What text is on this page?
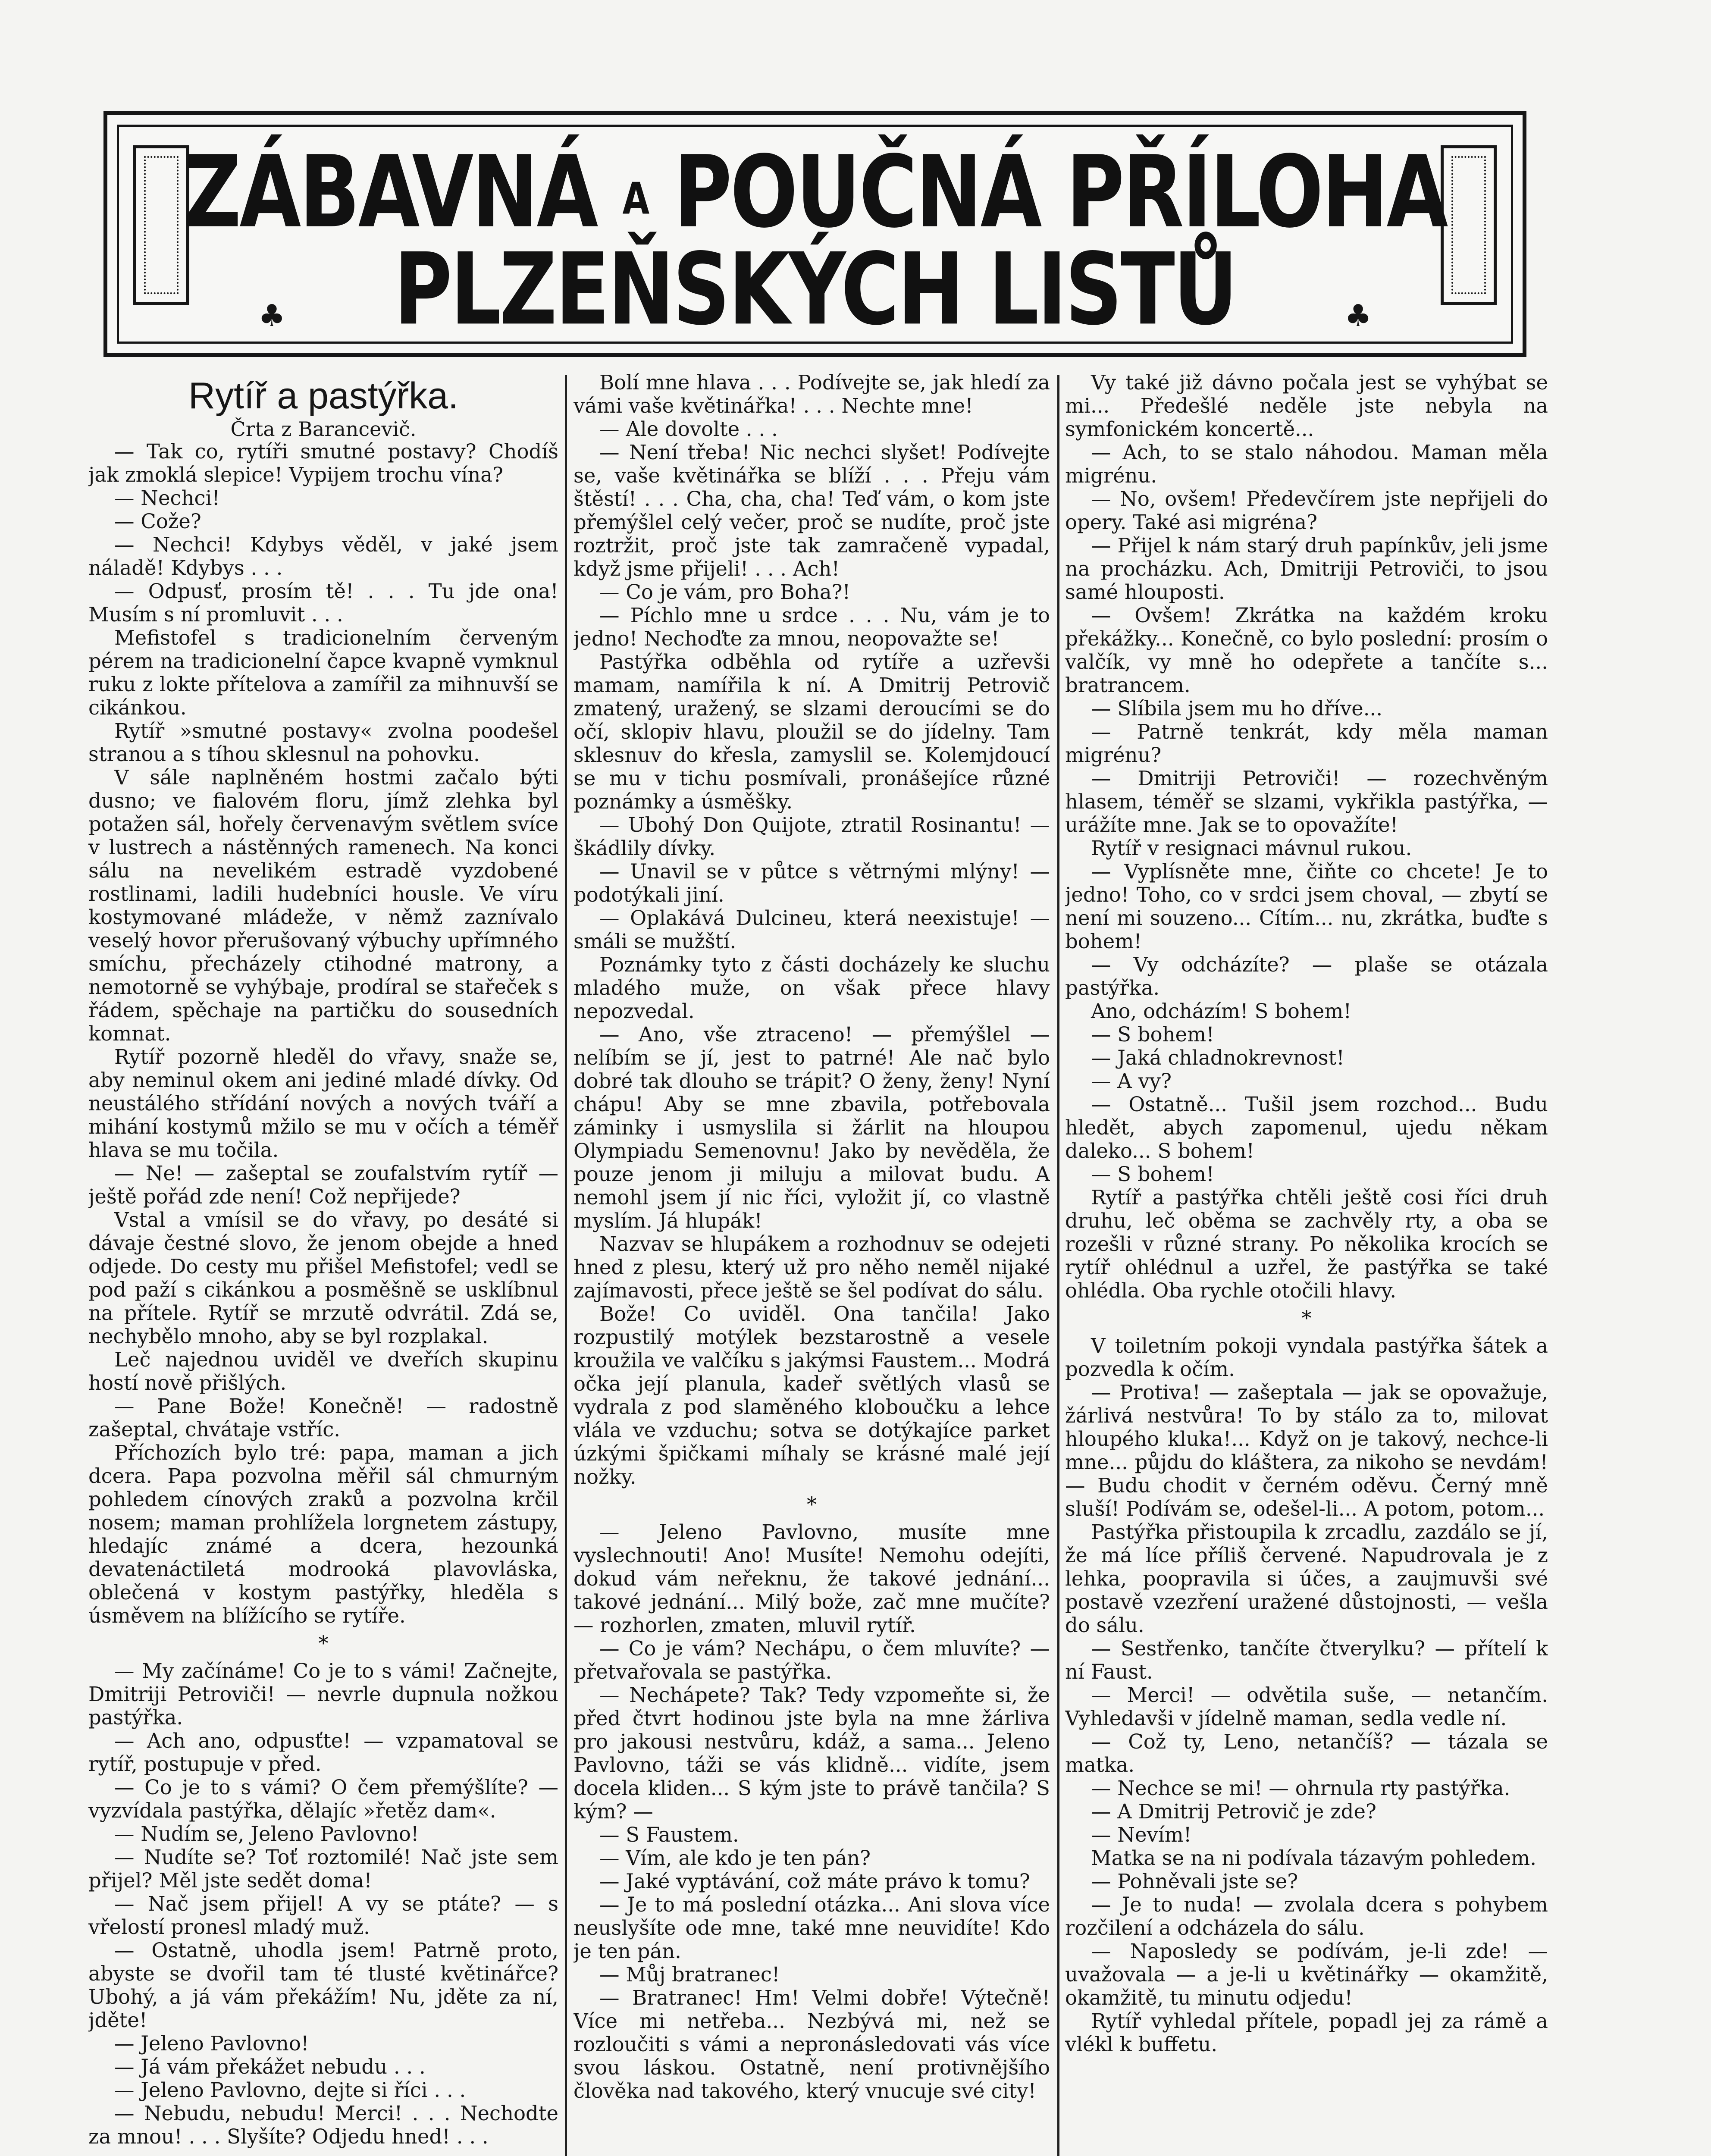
♣	♣
ZÁBAVNÁ A POUČNÁ PŘÍLOHA
PLZEŇSKÝCH LISTŮ
Rytíř a pastýřka.
Črta z Barancevič.

— Tak co, rytíři smutné postavy? Chodíš jak zmoklá slepice! Vypijem trochu vína?

— Nechci!

— Cože?

— Nechci! Kdybys věděl, v jaké jsem náladě! Kdybys . . .

— Odpusť, prosím tě! . . . Tu jde ona! Musím s ní promluvit . . .

Mefistofel s tradicionelním červeným pérem na tradicionelní čapce kvapně vymknul ruku z lokte přítelova a zamířil za mihnuvší se cikánkou.

Rytíř »smutné postavy« zvolna poodešel stranou a s tíhou sklesnul na pohovku.

V sále naplněném hostmi začalo býti dusno; ve fialovém floru, jímž zlehka byl potažen sál, hořely červenavým světlem svíce v lustrech a nástěnných ramenech. Na konci sálu na nevelikém estradě vyzdobené rostlinami, ladili hudebníci housle. Ve víru kostymované mládeže, v němž zaznívalo veselý hovor přerušovaný výbuchy upřímného smíchu, přecházely ctihodné matrony, a nemotorně se vyhýbaje, prodíral se stařeček s řádem, spěchaje na partičku do sousedních komnat.

Rytíř pozorně hleděl do vřavy, snaže se, aby neminul okem ani jediné mladé dívky. Od neustálého střídání nových a nových tváří a mihání kostymů mžilo se mu v očích a téměř hlava se mu točila.

— Ne! — zašeptal se zoufalstvím rytíř — ještě pořád zde není! Což nepřijede?

Vstal a vmísil se do vřavy, po desáté si dávaje čestné slovo, že jenom obejde a hned odjede. Do cesty mu přišel Mefistofel; vedl se pod paží s cikánkou a posměšně se usklíbnul na přítele. Rytíř se mrzutě odvrátil. Zdá se, nechybělo mnoho, aby se byl rozplakal.

Leč najednou uviděl ve dveřích skupinu hostí nově přišlých.

— Pane Bože! Konečně! — radostně zašeptal, chvátaje vstříc.

Příchozích bylo tré: papa, maman a jich dcera. Papa pozvolna měřil sál chmurným pohledem cínových zraků a pozvolna krčil nosem; maman prohlížela lorgnetem zástupy, hledajíc známé a dcera, hezounká devatenáctiletá modrooká plavovláska, oblečená v kostym pastýřky, hleděla s úsměvem na blížícího se rytíře.

*

— My začínáme! Co je to s vámi! Začnejte, Dmitriji Petroviči! — nevrle dupnula nožkou pastýřka.

— Ach ano, odpusťte! — vzpamatoval se rytíř, postupuje v před.

— Co je to s vámi? O čem přemýšlíte? — vyzvídala pastýřka, dělajíc »řetěz dam«.

— Nudím se, Jeleno Pavlovno!

— Nudíte se? Toť roztomilé! Nač jste sem přijel? Měl jste sedět doma!

— Nač jsem přijel! A vy se ptáte? — s vřelostí pronesl mladý muž.

— Ostatně, uhodla jsem! Patrně proto, abyste se dvořil tam té tlusté květinářce? Ubohý, a já vám překážím! Nu, jděte za ní, jděte!

— Jeleno Pavlovno!

— Já vám překážet nebudu . . .

— Jeleno Pavlovno, dejte si říci . . .

— Nebudu, nebudu! Merci! . . . Nechodte za mnou! . . . Slyšíte? Odjedu hned! . . .

Bolí mne hlava . . . Podívejte se, jak hledí za vámi vaše květinářka! . . . Nechte mne!

— Ale dovolte . . .

— Není třeba! Nic nechci slyšet! Podívejte se, vaše květinářka se blíží . . . Přeju vám štěstí! . . . Cha, cha, cha! Teď vám, o kom jste přemýšlel celý večer, proč se nudíte, proč jste roztržit, proč jste tak zamračeně vypadal, když jsme přijeli! . . . Ach!

— Co je vám, pro Boha?!

— Píchlo mne u srdce . . . Nu, vám je to jedno! Nechoďte za mnou, neopovažte se!

Pastýřka odběhla od rytíře a uzřevši mamam, namířila k ní. A Dmitrij Petrovič zmatený, uražený, se slzami deroucími se do očí, sklopiv hlavu, ploužil se do jídelny. Tam sklesnuv do křesla, zamyslil se. Kolemjdoucí se mu v tichu posmívali, pronášejíce různé poznámky a úsměšky.

— Ubohý Don Quijote, ztratil Rosinantu! — škádlily dívky.

— Unavil se v půtce s větrnými mlýny! — podotýkali jiní.

— Oplakává Dulcineu, která neexistuje! — smáli se mužští.

Poznámky tyto z části docházely ke sluchu mladého muže, on však přece hlavy nepozvedal.

— Ano, vše ztraceno! — přemýšlel — nelíbím se jí, jest to patrné! Ale nač bylo dobré tak dlouho se trápit? O ženy, ženy! Nyní chápu! Aby se mne zbavila, potřebovala záminky i usmyslila si žárlit na hloupou Olympiadu Semenovnu! Jako by nevěděla, že pouze jenom ji miluju a milovat budu. A nemohl jsem jí nic říci, vyložit jí, co vlastně myslím. Já hlupák!

Nazvav se hlupákem a rozhodnuv se odejeti hned z plesu, který už pro něho neměl nijaké zajímavosti, přece ještě se šel podívat do sálu.

Bože! Co uviděl. Ona tančila! Jako rozpustilý motýlek bezstarostně a vesele kroužila ve valčíku s jakýmsi Faustem... Modrá očka její planula, kadeř světlých vlasů se vydrala z pod slaměného kloboučku a lehce vlála ve vzduchu; sotva se dotýkajíce parket úzkými špičkami míhaly se krásné malé její nožky.

*

— Jeleno Pavlovno, musíte mne vyslechnouti! Ano! Musíte! Nemohu odejíti, dokud vám neřeknu, že takové jednání... takové jednání... Milý bože, zač mne mučíte? — rozhorlen, zmaten, mluvil rytíř.

— Co je vám? Nechápu, o čem mluvíte? — přetvařovala se pastýřka.

— Nechápete? Tak? Tedy vzpomeňte si, že před čtvrt hodinou jste byla na mne žárliva pro jakousi nestvůru, kdáž, a sama... Jeleno Pavlovno, táži se vás klidně... vidíte, jsem docela kliden... S kým jste to právě tančila? S kým? —

— S Faustem.

— Vím, ale kdo je ten pán?

— Jaké vyptávání, což máte právo k tomu?

— Je to má poslední otázka... Ani slova více neuslyšíte ode mne, také mne neuvidíte! Kdo je ten pán.

— Můj bratranec!

— Bratranec! Hm! Velmi dobře! Výtečně! Více mi netřeba... Nezbývá mi, než se rozloučiti s vámi a nepronásledovati vás více svou láskou. Ostatně, není protivnějšího člověka nad takového, který vnucuje své city!

Vy také již dávno počala jest se vyhýbat se mi... Předešlé neděle jste nebyla na symfonickém koncertě...

— Ach, to se stalo náhodou. Maman měla migrénu.

— No, ovšem! Předevčírem jste nepřijeli do opery. Také asi migréna?

— Přijel k nám starý druh papínkův, jeli jsme na procházku. Ach, Dmitriji Petroviči, to jsou samé hlouposti.

— Ovšem! Zkrátka na každém kroku překážky... Konečně, co bylo poslední: prosím o valčík, vy mně ho odepřete a tančíte s... bratrancem.

— Slíbila jsem mu ho dříve...

— Patrně tenkrát, kdy měla maman migrénu?

— Dmitriji Petroviči! — rozechvěným hlasem, téměř se slzami, vykřikla pastýřka, — urážíte mne. Jak se to opovažíte!

Rytíř v resignaci mávnul rukou.

— Vyplísněte mne, čiňte co chcete! Je to jedno! Toho, co v srdci jsem choval, — zbytí se není mi souzeno... Cítím... nu, zkrátka, buďte s bohem!

— Vy odcházíte? — plaše se otázala pastýřka.

Ano, odcházím! S bohem!

— S bohem!

— Jaká chladnokrevnost!

— A vy?

— Ostatně... Tušil jsem rozchod... Budu hledět, abych zapomenul, ujedu někam daleko... S bohem!

— S bohem!

Rytíř a pastýřka chtěli ještě cosi říci druh druhu, leč oběma se zachvěly rty, a oba se rozešli v různé strany. Po několika krocích se rytíř ohlédnul a uzřel, že pastýřka se také ohlédla. Oba rychle otočili hlavy.

*

V toiletním pokoji vyndala pastýřka šátek a pozvedla k očím.

— Protiva! — zašeptala — jak se opovažuje, žárlivá nestvůra! To by stálo za to, milovat hloupého kluka!... Když on je takový, nechce-li mne... půjdu do kláštera, za nikoho se nevdám! — Budu chodit v černém oděvu. Černý mně sluší! Podívám se, odešel-li... A potom, potom...

Pastýřka přistoupila k zrcadlu, zazdálo se jí, že má líce příliš červené. Napudrovala je z lehka, poopravila si účes, a zaujmuvši své postavě vzezření uražené důstojnosti, — vešla do sálu.

— Sestřenko, tančíte čtverylku? — přítelí k ní Faust.

— Merci! — odvětila suše, — netančím. Vyhledavši v jídelně maman, sedla vedle ní.

— Což ty, Leno, netančíš? — tázala se matka.

— Nechce se mi! — ohrnula rty pastýřka.

— A Dmitrij Petrovič je zde?

— Nevím!

Matka se na ni podívala tázavým pohledem.

— Pohněvali jste se?

— Je to nuda! — zvolala dcera s pohybem rozčilení a odcházela do sálu.

— Naposledy se podívám, je-li zde! — uvažovala — a je-li u květinářky — okamžitě, okamžitě, tu minutu odjedu!

Rytíř vyhledal přítele, popadl jej za rámě a vlékl k buffetu.
